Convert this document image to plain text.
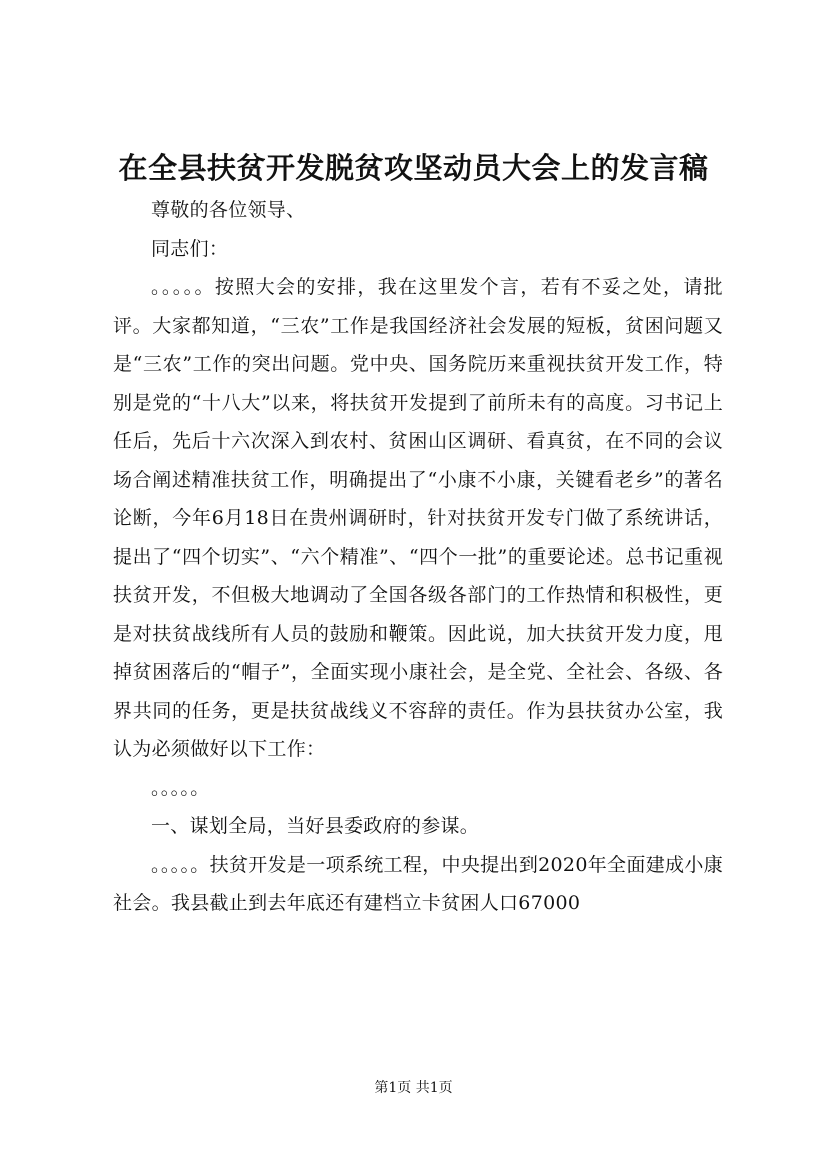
在全县扶贫开发脱贫攻坚动员大会上的发言稿

尊敬的各位领导、

同志们：

。。。。。按照大会的安排，我在这里发个言，若有不妥之处，请批评。大家都知道，“三农”工作是我国经济社会发展的短板，贫困问题又是“三农”工作的突出问题。党中央、国务院历来重视扶贫开发工作，特别是党的“十八大”以来，将扶贫开发提到了前所未有的高度。习书记上任后，先后十六次深入到农村、贫困山区调研、看真贫，在不同的会议场合阐述精准扶贫工作，明确提出了“小康不小康，关键看老乡”的著名论断，今年6月18日在贵州调研时，针对扶贫开发专门做了系统讲话，提出了“四个切实”、“六个精准”、“四个一批”的重要论述。总书记重视扶贫开发，不但极大地调动了全国各级各部门的工作热情和积极性，更是对扶贫战线所有人员的鼓励和鞭策。因此说，加大扶贫开发力度，甩掉贫困落后的“帽子”，全面实现小康社会，是全党、全社会、各级、各界共同的任务，更是扶贫战线义不容辞的责任。作为县扶贫办公室，我认为必须做好以下工作：

。。。。。

一、谋划全局，当好县委政府的参谋。

。。。。。扶贫开发是一项系统工程，中央提出到2020年全面建成小康社会。我县截止到去年底还有建档立卡贫困人口67000

第1页 共1页
